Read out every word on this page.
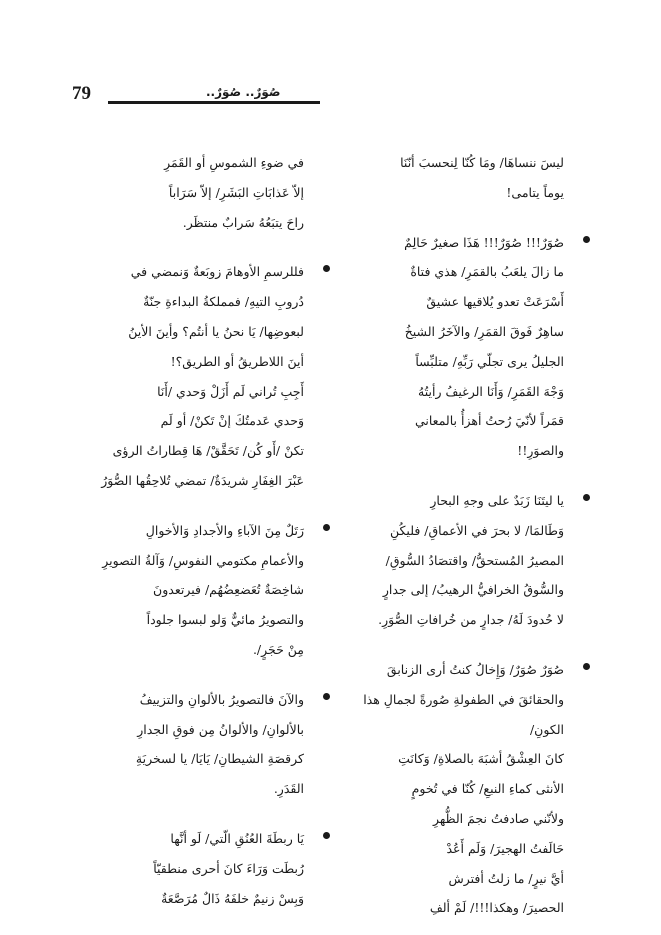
79	صُوَرٌ.. صُوَرٌ..
ليسَ ننساهَا/ ومَا كُنّا لِنحسبَ أنّنَا
يوماً يتامى!
صُوَرٌ!!! صُوَرٌ!!! هَذَا صغيرٌ حَالِمٌ
ما زالَ يلعَبُ بالقمَرِ/ هذي فتاةٌ
أَسْرَعَتْ تعدو يُلاقيها عشيقٌ
ساهِرٌ فَوقَ القمَرِ/ والآخَرُ الشيخُ
الجليلُ يرى تجلّي رَبِّهِ/ متلبِّساً
وَجْهَ القَمَرِ/ وَأَنَا الرغيفُ رأيتُهُ
قمَراً لأنّيَ رُحتُ أهزأُ بالمعاني
والصوَرِ!!
يا ليتَنَا زَبَدٌ على وجهِ البحارِ
وَطَالمَا/ لا بحرَ في الأعماقِ/ فليكُنِ
المصيرُ المُستحقُّ/ واقتصَادُ السُّوقِ/
والسُّوقُ الخرافيُّ الرهيبُ/ إلى جدارٍ
لا حُدودَ لَهُ/ جدارٍ من خُرافاتِ الصُّوَرِ.
صُوَرٌ صُوَرٌ/ وَإِخالُ كنتُ أرى الزنابقَ
والحقائقَ في الطفولةِ صُورةً لجمالِ هذا
الكونِ/
كانَ العِشْقُ أشبَهَ بالصلاةِ/ وَكانَتِ
الأنثى كماءِ النبعِ/ كُنّا في تُخومٍ
ولأنّني صادفتُ نجمَ الظُّهرِ
حَالَفتُ الهجيرَ/ وَلَم أَعُدْ
أيَّ نيرٍ/ ما زلتُ أفترش
الحصيرَ/ وهكذا!!!/ لَمْ ألفِ
في ضوءِ الشموسِ أو القَمَرِ
إلاّ عَذابَاتِ البَشَرِ/ إلاّ سَرَاباً
راحَ يتبَعُهُ سَرابٌ منتظَر.
فللرسمِ الأوهامَ زوبَعةٌ وَنمضي في
دُروبِ التيهِ/ فمملكةُ البداءةِ جنّةٌ
لبعوضِها/ يَا نحنُ يا أنتُم؟ وأينَ الأينُ
أينَ اللاطريقُ أو الطريق؟!
أَجِبِ تُراني لَم أَزَلْ وَحدي /أَنَا
وَحدي عَدمتُكَ إنْ تَكنْ/ أو لَم
تكنْ /أَو كُن/ تَحَقَّقْ/ هَا قِطاراتُ الرؤى
عَبْرَ الغِفَارِ شريدَةٌ/ تمضي تُلاحِقُها الصُّوَرُ
رَتَلٌ مِنَ الآباءِ والأجدادِ وَالأخوالِ
والأعمامِ مكتومي النفوسِ/ وَآلةُ التصويرِ
شاخِصَةٌ تُعَضعِضُهُم/ فيرتعدونَ
والتصويرُ مائيٌّ وَلو لبسوا جلوداً
مِنْ حَجَرٍ/.
والآنَ فالتصويرُ بالألوانِ والتزييفُ
بالألوانِ/ والألوانُ مِن فوقِ الجدارِ
كرقصَةِ الشيطانِ/ يَايَا/ يا لسخريَةِ
القَدَرِ.
يَا ربطَةَ العُنُقِ الّتي/ لَو أنَّها
رُبطَت وَرَاءَ كانَ أحرى منطقيّاً
وَبِسْ زنيمٌ خلفَهُ ذَالٌ مُرَصَّعَةٌ
